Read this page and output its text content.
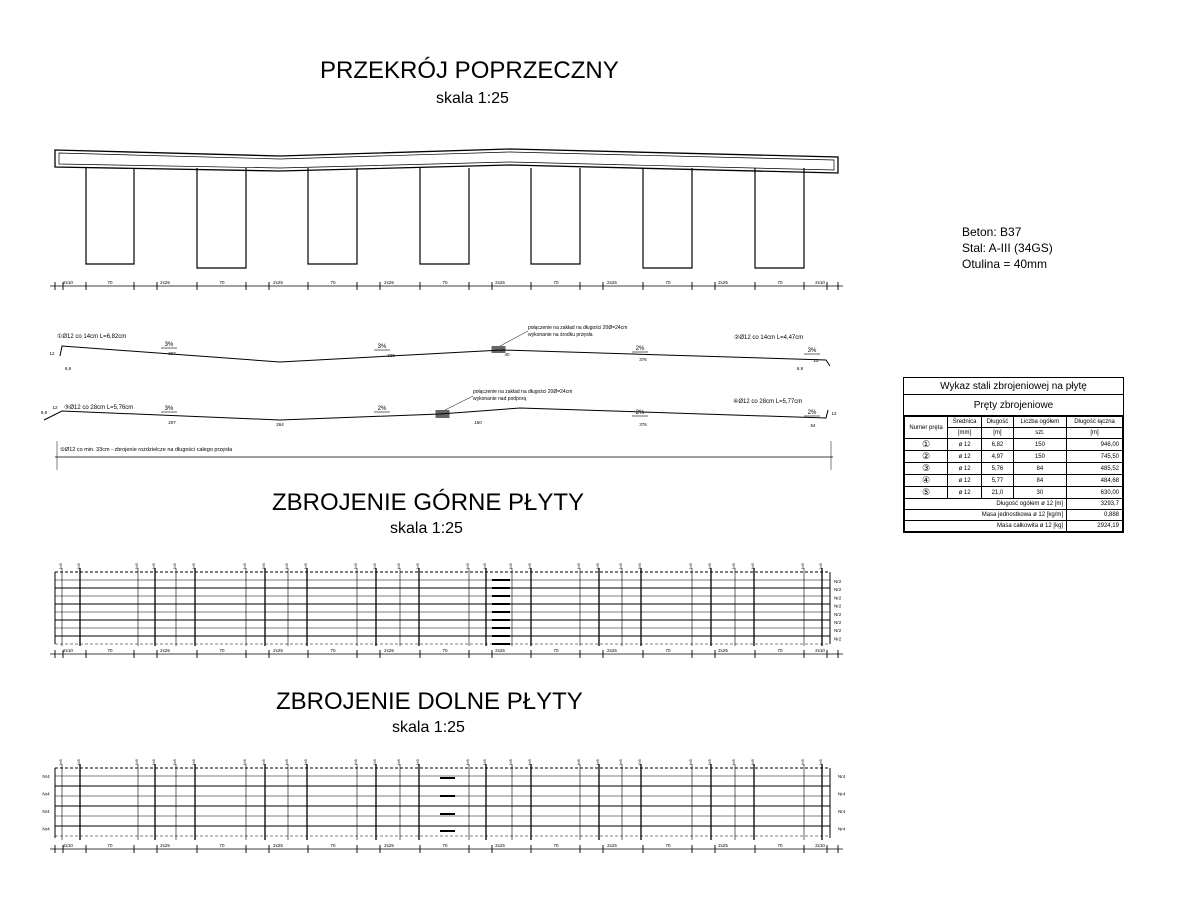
PRZEKRÓJ POPRZECZNY
skala 1:25
ZBROJENIE GÓRNE PŁYTY
skala 1:25
ZBROJENIE DOLNE PŁYTY
skala 1:25
Beton: B37
Stal: A-III (34GS)
Otulina = 40mm
Wykaz stali zbrojeniowej na płytę
Pręty zbrojeniowe
Numer pręta	Średnica	Długość	Liczba ogółem	Długość łączna
	[mm]	[m]	szt.	[m]
①	ø 12	6,82	150	946,00
②	ø 12	4,97	150	745,50
③	ø 12	5,76	84	485,52
④	ø 12	5,77	84	484,68
⑤	ø 12	21,0	30	630,00
Długość ogółem ø 12 [m]				3293,7
Masa jednostkowa ø 12 [kg/m]				0,888
Masa całkowita ø 12 [kg]				2924,19
2x10	70	2x25	70	2x25	70	2x25	70	2x25	70	2x25	70	2x25	70	2x10
2x10	70	2x25	70	2x25	70	2x25	70	2x25	70	2x25	70	2x25	70	2x10
2x10	70	2x25	70	2x25	70	2x25	70	2x25	70	2x25	70	2x25	70	2x10
①Ø12 co 14cm L=6,82cm	②Ø12 co 14cm L=4,47cm
połączenie na zakład na długości 20Ø=24cm
wykonanie na środku przęsła
3%	3%	2%	3%
207	328	40
376
12
6,9	6,9
12
③Ø12 co 28cm L=5,76cm
④Ø12 co 28cm L=5,77cm
połączenie na zakład na długości 20Ø=24cm
wykonanie nad podporą
3%	2%
2%	2%
207	264	150	376	54
6,9
12
12
⑤Ø12 co min. 33cm - zbrojenie rozdzielcze na długości całego przęsła
Nr5	Nr5	Nr5	Nr5	Nr5	Nr5	Nr5	Nr5	Nr5	Nr5	Nr5	Nr5	Nr5	Nr5	Nr5	Nr5	Nr5	Nr5	Nr5	Nr5	Nr5	Nr5	Nr5	Nr5	Nr5	Nr5	Nr5	Nr5
Nr2
Nr2
Nr2
Nr2
Nr2
Nr2
Nr2
Nr2
Nr5	Nr5	Nr5	Nr5	Nr5	Nr5	Nr5	Nr5	Nr5	Nr5	Nr5	Nr5	Nr5	Nr5	Nr5	Nr5	Nr5	Nr5	Nr5	Nr5	Nr5	Nr5	Nr5	Nr5	Nr5	Nr5	Nr5	Nr5
Nr4	Nr4
Nr4	Nr4
Nr4	Nr4
Nr4	Nr4
